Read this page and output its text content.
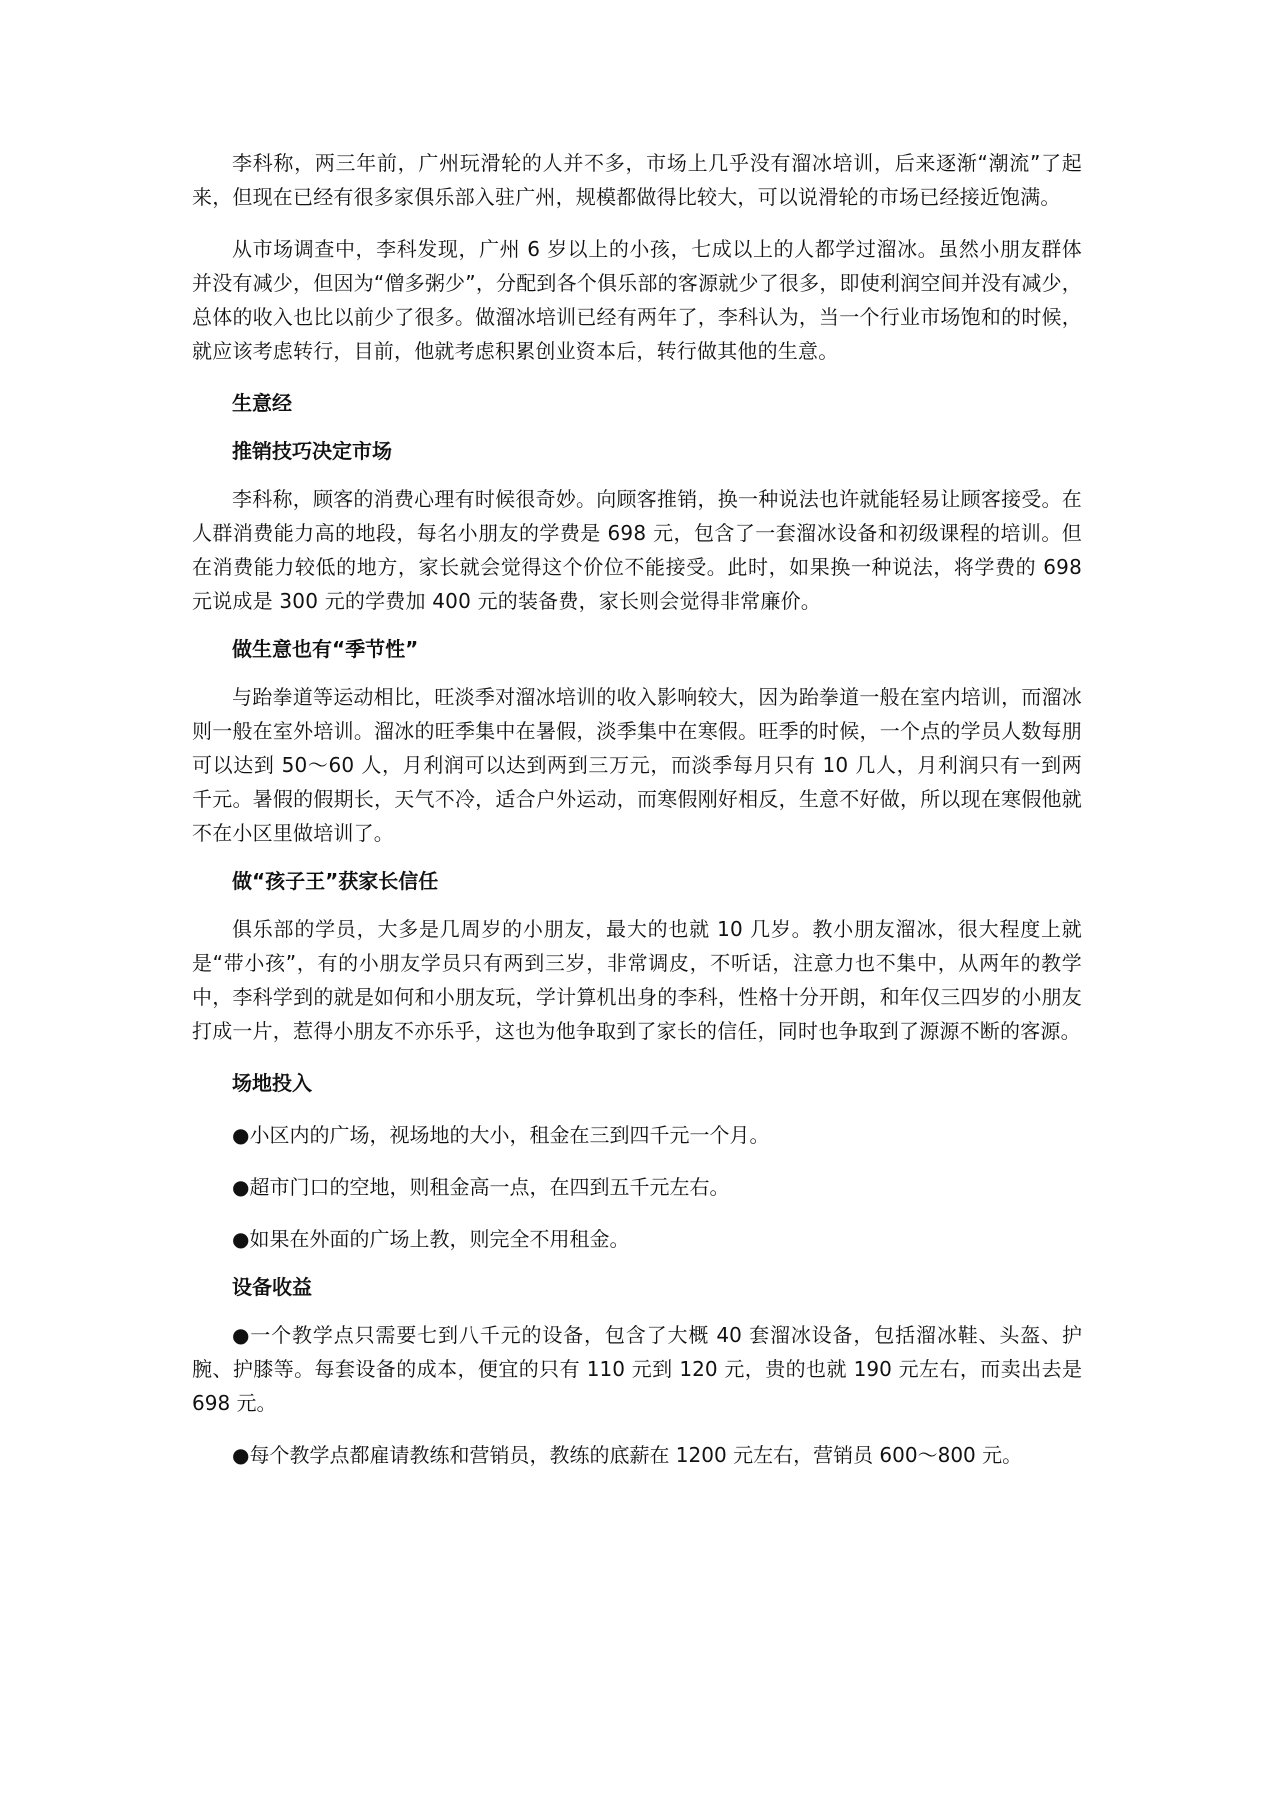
李科称，两三年前，广州玩滑轮的人并不多，市场上几乎没有溜冰培训，后来逐渐“潮流”了起来，但现在已经有很多家俱乐部入驻广州，规模都做得比较大，可以说滑轮的市场已经接近饱满。

从市场调查中，李科发现，广州 6 岁以上的小孩，七成以上的人都学过溜冰。虽然小朋友群体并没有减少，但因为“僧多粥少”，分配到各个俱乐部的客源就少了很多，即使利润空间并没有减少，总体的收入也比以前少了很多。做溜冰培训已经有两年了，李科认为，当一个行业市场饱和的时候，就应该考虑转行，目前，他就考虑积累创业资本后，转行做其他的生意。

生意经

推销技巧决定市场

李科称，顾客的消费心理有时候很奇妙。向顾客推销，换一种说法也许就能轻易让顾客接受。在人群消费能力高的地段，每名小朋友的学费是 698 元，包含了一套溜冰设备和初级课程的培训。但在消费能力较低的地方，家长就会觉得这个价位不能接受。此时，如果换一种说法，将学费的 698 元说成是 300 元的学费加 400 元的装备费，家长则会觉得非常廉价。

做生意也有“季节性”

与跆拳道等运动相比，旺淡季对溜冰培训的收入影响较大，因为跆拳道一般在室内培训，而溜冰则一般在室外培训。溜冰的旺季集中在暑假，淡季集中在寒假。旺季的时候，一个点的学员人数每朋可以达到 50～60 人，月利润可以达到两到三万元，而淡季每月只有 10 几人，月利润只有一到两千元。暑假的假期长，天气不冷，适合户外运动，而寒假刚好相反，生意不好做，所以现在寒假他就不在小区里做培训了。

做“孩子王”获家长信任

俱乐部的学员，大多是几周岁的小朋友，最大的也就 10 几岁。教小朋友溜冰，很大程度上就是“带小孩”，有的小朋友学员只有两到三岁，非常调皮，不听话，注意力也不集中，从两年的教学中，李科学到的就是如何和小朋友玩，学计算机出身的李科，性格十分开朗，和年仅三四岁的小朋友打成一片，惹得小朋友不亦乐乎，这也为他争取到了家长的信任，同时也争取到了源源不断的客源。

场地投入

●小区内的广场，视场地的大小，租金在三到四千元一个月。

●超市门口的空地，则租金高一点，在四到五千元左右。

●如果在外面的广场上教，则完全不用租金。

设备收益

●一个教学点只需要七到八千元的设备，包含了大概 40 套溜冰设备，包括溜冰鞋、头盔、护腕、护膝等。每套设备的成本，便宜的只有 110 元到 120 元，贵的也就 190 元左右，而卖出去是 698 元。

●每个教学点都雇请教练和营销员，教练的底薪在 1200 元左右，营销员 600～800 元。
